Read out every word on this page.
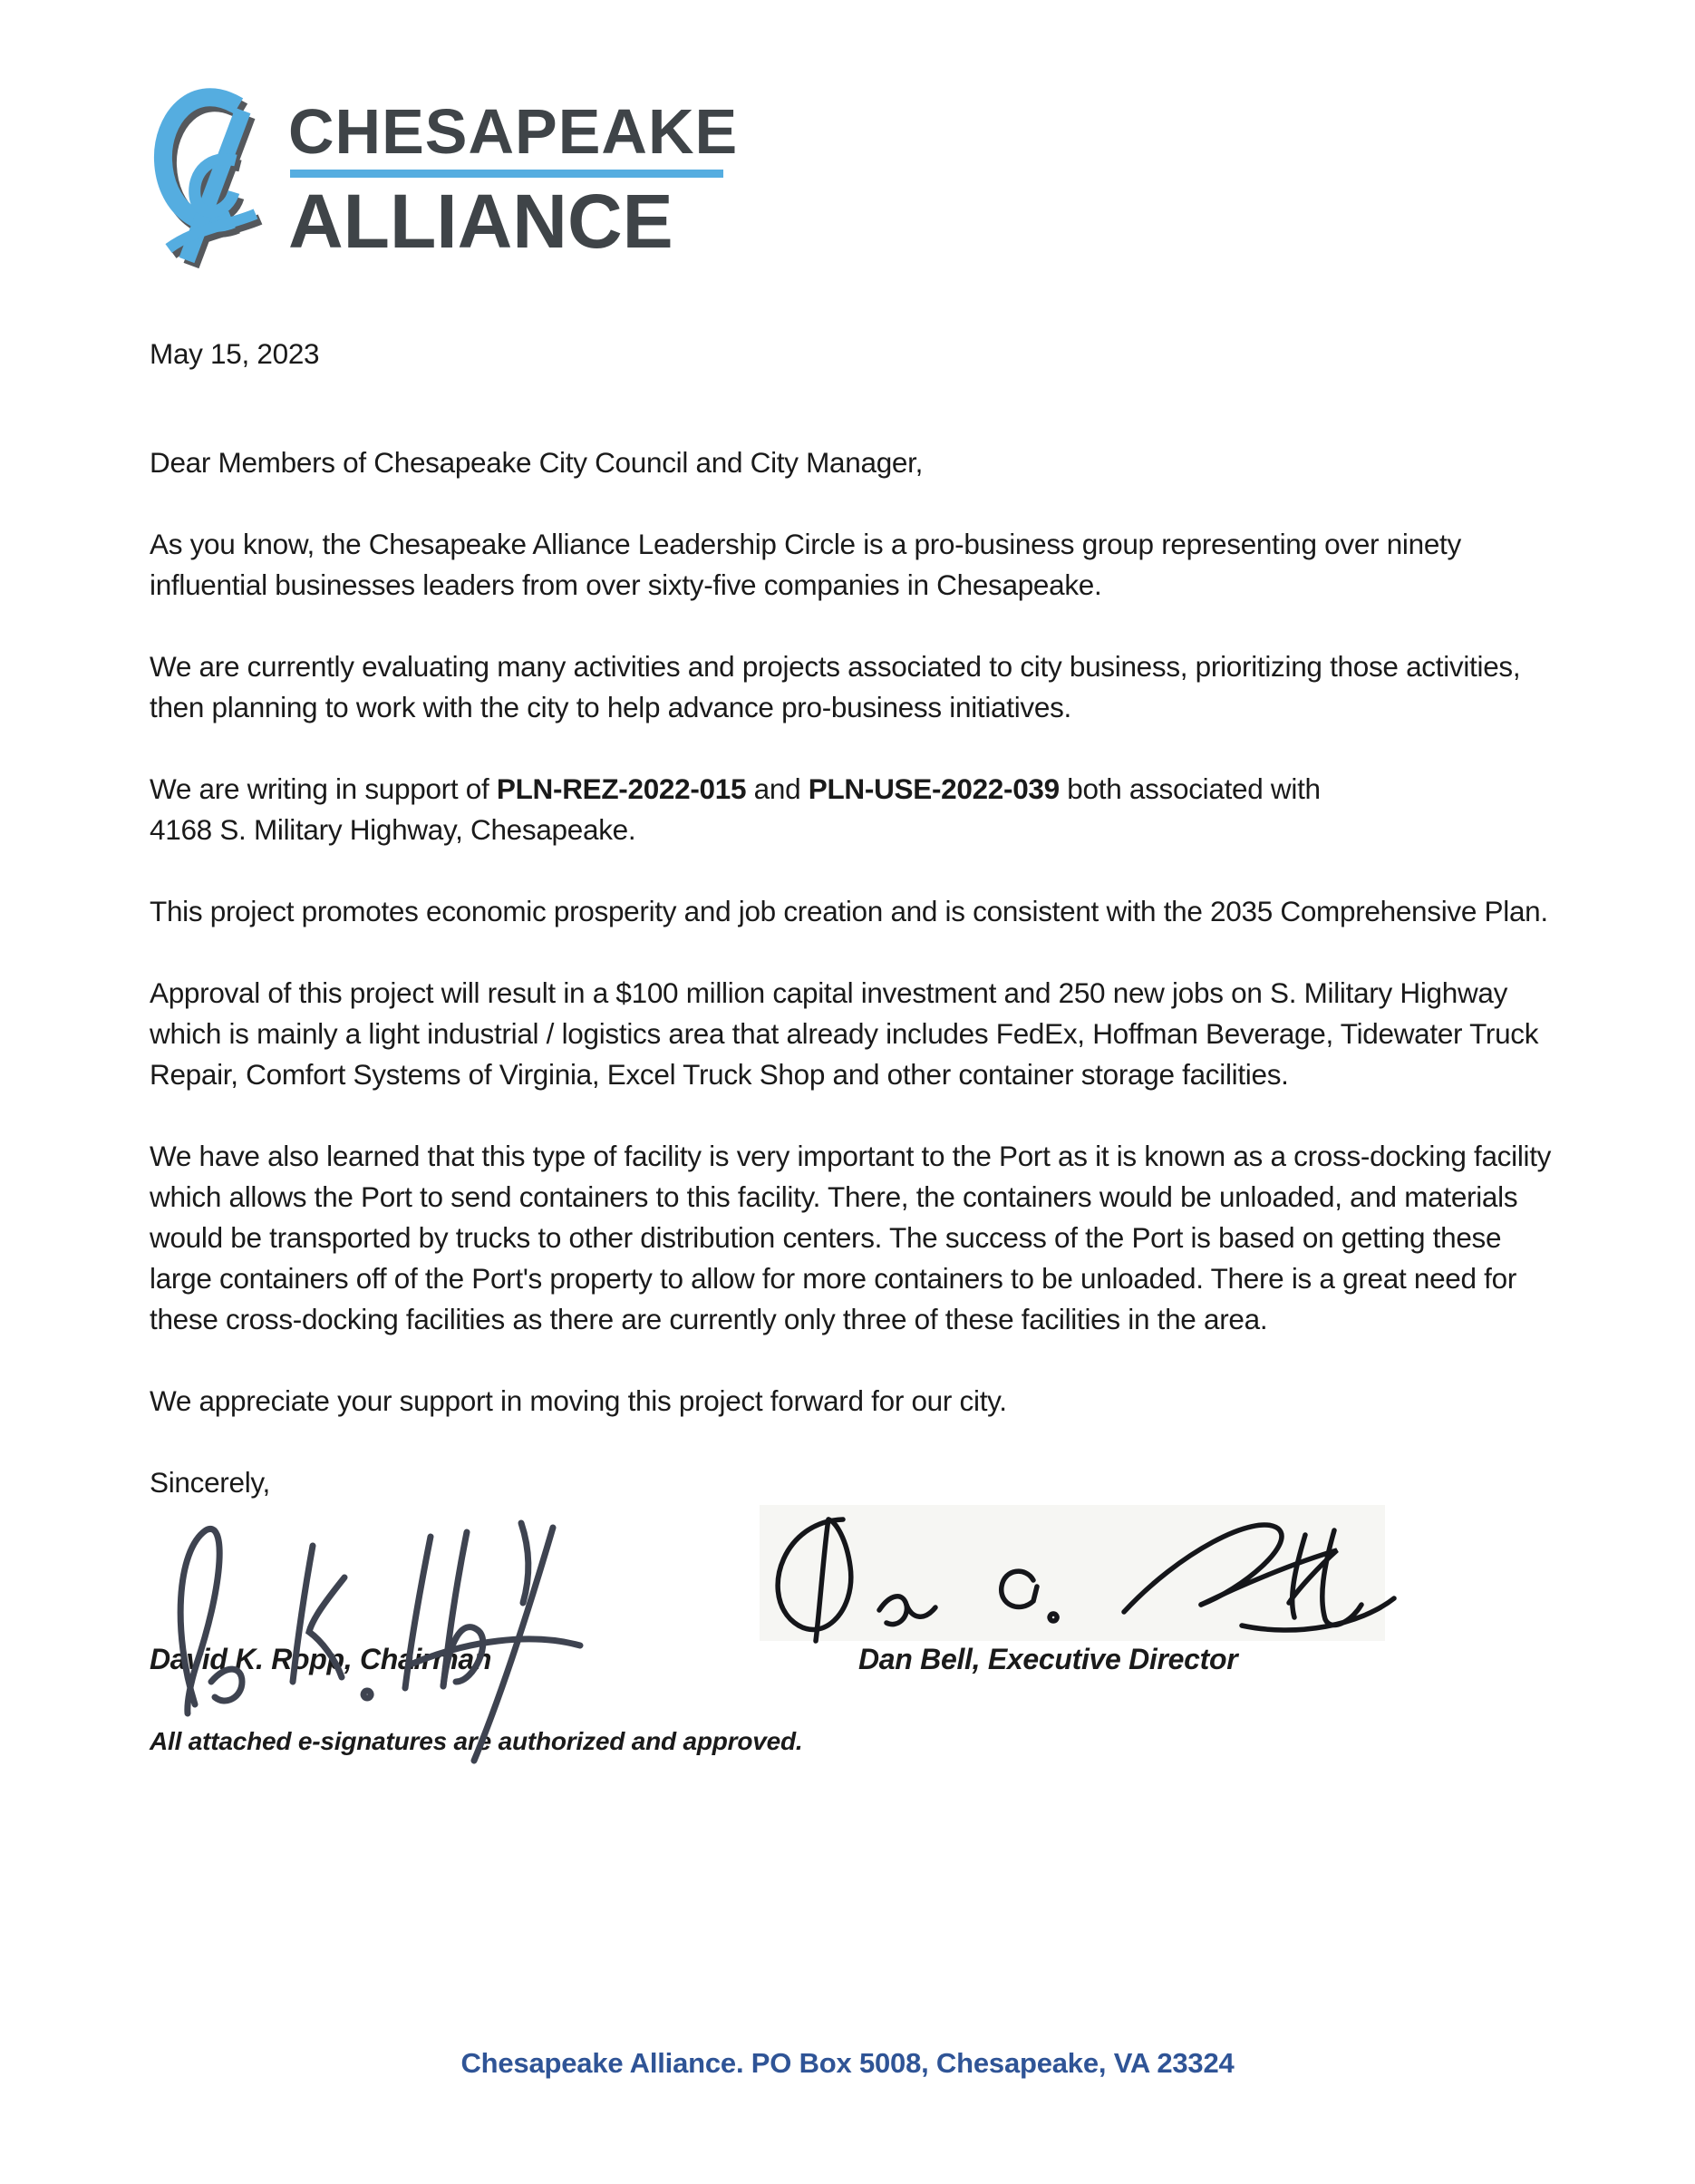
CHESAPEAKE
ALLIANCE

May 15, 2023

Dear Members of Chesapeake City Council and City Manager,

As you know, the Chesapeake Alliance Leadership Circle is a pro-business group representing over ninety influential businesses leaders from over sixty-five companies in Chesapeake.

We are currently evaluating many activities and projects associated to city business, prioritizing those activities, then planning to work with the city to help advance pro-business initiatives.

We are writing in support of PLN-REZ-2022-015 and PLN-USE-2022-039 both associated with
4168 S. Military Highway, Chesapeake.

This project promotes economic prosperity and job creation and is consistent with the 2035 Comprehensive Plan.

Approval of this project will result in a $100 million capital investment and 250 new jobs on S. Military Highway which is mainly a light industrial / logistics area that already includes FedEx, Hoffman Beverage, Tidewater Truck Repair, Comfort Systems of Virginia, Excel Truck Shop and other container storage facilities.

We have also learned that this type of facility is very important to the Port as it is known as a cross-docking facility which allows the Port to send containers to this facility. There, the containers would be unloaded, and materials would be transported by trucks to other distribution centers. The success of the Port is based on getting these large containers off of the Port's property to allow for more containers to be unloaded. There is a great need for these cross-docking facilities as there are currently only three of these facilities in the area.

We appreciate your support in moving this project forward for our city.

Sincerely,

David K. Ropp, Chairman	Dan Bell, Executive Director

All attached e-signatures are authorized and approved.

Chesapeake Alliance. PO Box 5008, Chesapeake, VA 23324
